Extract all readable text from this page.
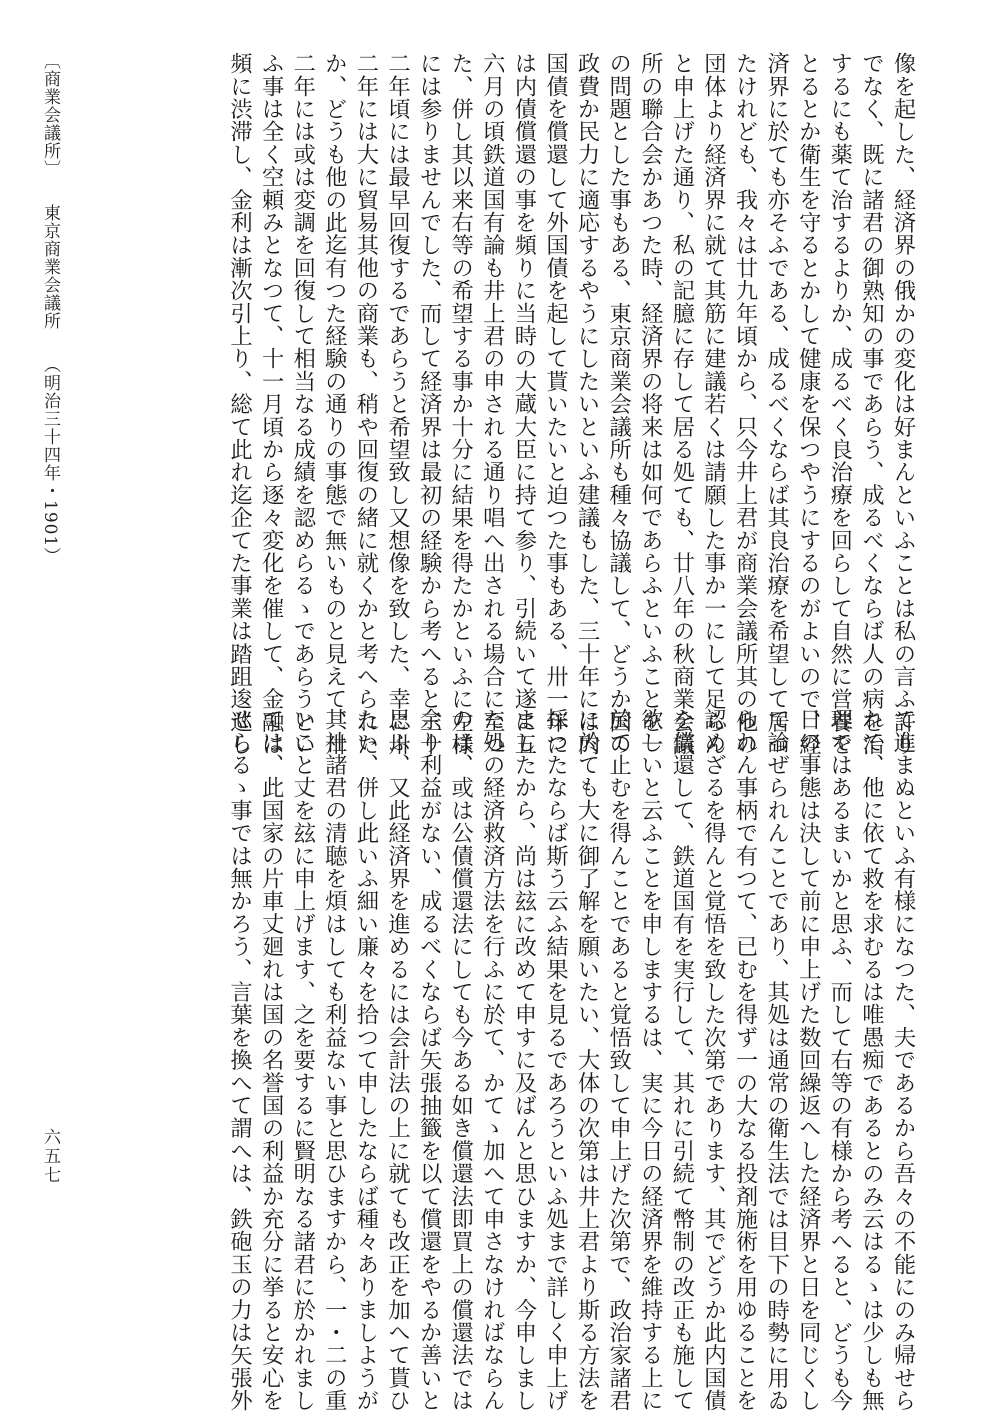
像を起した、経済界の俄かの変化は好まんといふことは私の言ふ許り
でなく、既に諸君の御熟知の事であらう、成るべくならば人の病を治
するにも薬て治するよりか、成るべく良治療を回らして自然に営養を
とるとか衛生を守るとかして健康を保つやうにするのがよいので、経
済界に於ても亦そふである、成るべくならば其良治療を希望して居つ
たけれども、我々は廿九年頃から、只今井上君が商業会議所其の他の
団体より経済界に就て其筋に建議若くは請願した事か一にして足らん
と申上げた通り、私の記臆に存して居る処ても、廿八年の秋商業会議
所の聯合会かあつた時、経済界の将来は如何であらふといふことを一
の問題とした事もある、東京商業会議所も種々協議して、どうか国の
政費か民力に適応するやうにしたいといふ建議もした、三十年には内
国債を償還して外国債を起して貰いたいと迫つた事もある、卅一年に
は内債償還の事を頻りに当時の大蔵大臣に持て参り、引続いて遂に五
六月の頃鉄道国有論も井上君の申される通り唱へ出される場合に至つ
た、併し其以来右等の希望する事か十分に結果を得たかといふに左様
には参りませんでした、而して経済界は最初の経験から考へると三十
二年頃には最早回復するであらうと希望致し又想像を致した、幸に卅
二年には大に貿易其他の商業も、稍や回復の緒に就くかと考へられた
か、どうも他の此迄有つた経験の通りの事態で無いものと見えて、卅
二年には或は変調を回復して相当なる成績を認めらるゝであらうとい
ふ事は全く空頼みとなつて、十一月頃から逐々変化を催して、金融は
頻に渋滞し、金利は漸次引上り、総て此れ迄企てた事業は踏跙逡巡し
て進まぬといふ有様になつた、夫であるから吾々の不能にのみ帰せら
れて、他に依て救を求むるは唯愚痴であるとのみ云はるゝは少しも無
理ではあるまいかと思ふ、而して右等の有様から考へると、どうも今
日の事態は決して前に申上げた数回繰返へした経済界と日を同じくし
て論ぜられんことであり、其処は通常の衛生法では目下の時勢に用ゐ
られん事柄で有つて、已むを得ず一の大なる投剤施術を用ゆることを
認めざるを得んと覚悟を致した次第であります、其でどうか此内国債
を償還して、鉄道国有を実行して、其れに引続て幣制の改正も施して
欲しいと云ふことを申しまするは、実に今日の経済界を維持する上に
於て止むを得んことであると覚悟致して申上げた次第で、政治家諸君
に於ても大に御了解を願いたい、大体の次第は井上君より斯る方法を
採つたならば斯う云ふ結果を見るであろうといふ処まで詳しく申上げ
ましたから、尚は玆に改めて申すに及ばんと思ひますか、今申しまし
た処の経済救済方法を行ふに於て、かてゝ加へて申さなければならん
のは、或は公債償還法にしても今ある如き償還法即買上の償還法では
余り利益がない、成るべくならば矢張抽籤を以て償還をやるか善いと
思ふ、又此経済界を進めるには会計法の上に就ても改正を加へて貰ひ
たい、併し此いふ細い廉々を拾つて申したならば種々ありましようが
其社諸君の清聴を煩はしても利益ない事と思ひますから、一・二の重
いこと丈を玆に申上げます、之を要するに賢明なる諸君に於かれまし
ては、此国家の片車丈廻れは国の名誉国の利益か充分に挙ると安心を
せらるゝ事では無かろう、言葉を換へて謂へは、鉄砲玉の力は矢張外
〔商業会議所〕東京商業会議所（明治三十四年・1901）
六五七
